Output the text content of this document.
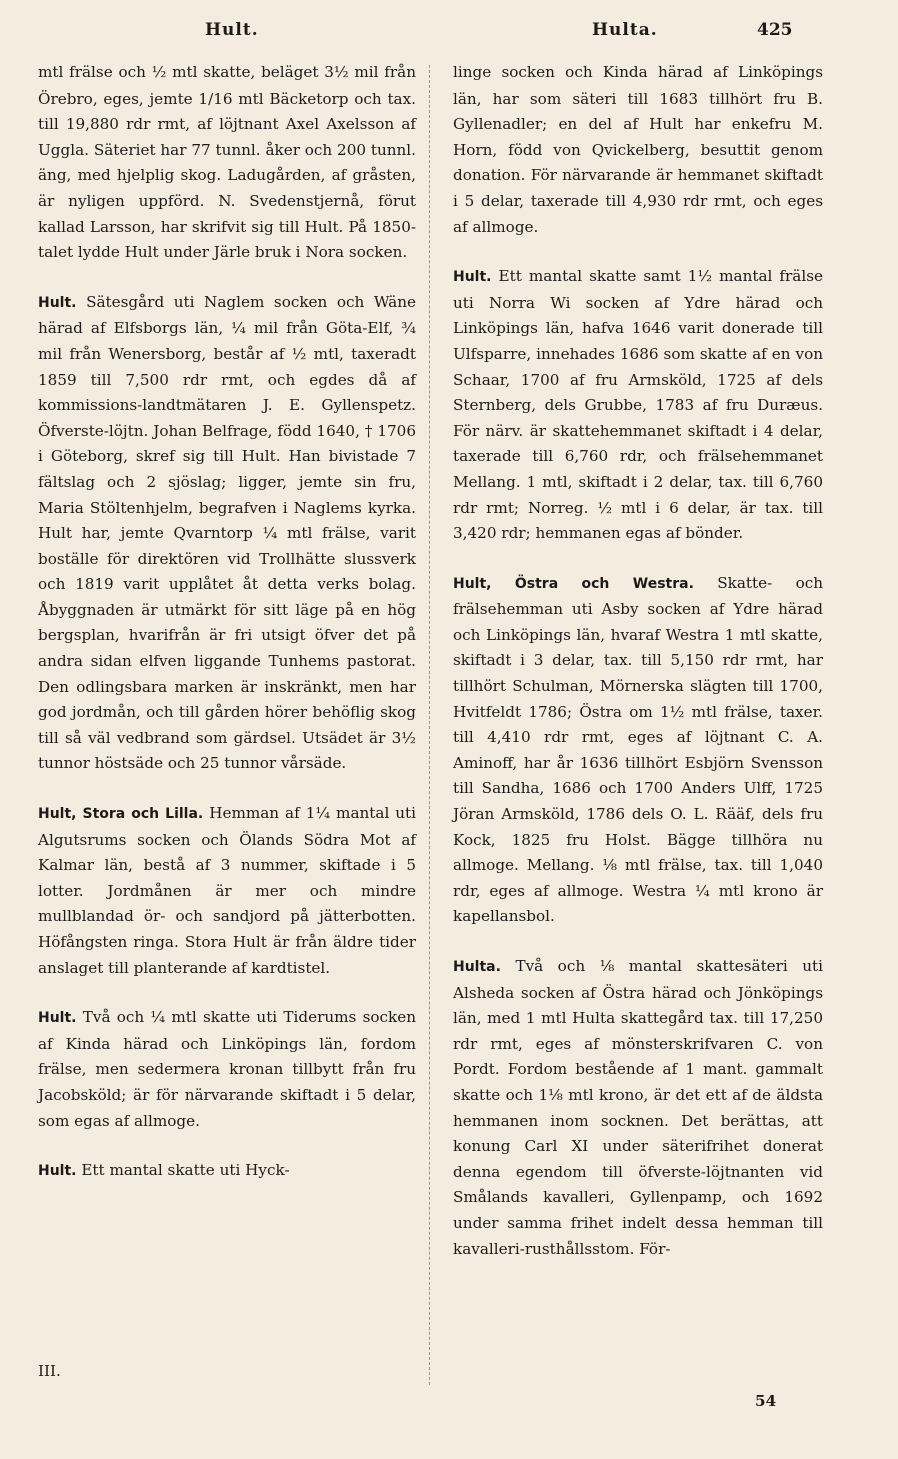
Hult.	Hulta.	425

mtl frälse och ½ mtl skatte, beläget 3½ mil från Örebro, eges, jemte 1/16 mtl Bäcketorp och tax. till 19,880 rdr rmt, af löjtnant Axel Axelsson af Uggla. Säteriet har 77 tunnl. åker och 200 tunnl. äng, med hjelplig skog. Ladugården, af gråsten, är nyligen uppförd. N. Svedenstjernå, förut kallad Larsson, har skrifvit sig till Hult. På 1850-talet lydde Hult under Järle bruk i Nora socken.

Hult. Sätesgård uti Naglem socken och Wäne härad af Elfsborgs län, ¼ mil från Göta-Elf, ¾ mil från Wenersborg, består af ½ mtl, taxeradt 1859 till 7,500 rdr rmt, och egdes då af kommissions-landtmätaren J. E. Gyllenspetz. Öfverste-löjtn. Johan Belfrage, född 1640, † 1706 i Göteborg, skref sig till Hult. Han bivistade 7 fältslag och 2 sjöslag; ligger, jemte sin fru, Maria Stöltenhjelm, begrafven i Naglems kyrka. Hult har, jemte Qvarntorp ¼ mtl frälse, varit boställe för direktören vid Trollhätte slussverk och 1819 varit upplåtet åt detta verks bolag. Åbyggnaden är utmärkt för sitt läge på en hög bergsplan, hvarifrån är fri utsigt öfver det på andra sidan elfven liggande Tunhems pastorat. Den odlingsbara marken är inskränkt, men har god jordmån, och till gården hörer behöflig skog till så väl vedbrand som gärdsel. Utsädet är 3½ tunnor höstsäde och 25 tunnor vårsäde.

Hult, Stora och Lilla. Hemman af 1¼ mantal uti Algutsrums socken och Ölands Södra Mot af Kalmar län, bestå af 3 nummer, skiftade i 5 lotter. Jordmånen är mer och mindre mullblandad ör- och sandjord på jätterbotten. Höfångsten ringa. Stora Hult är från äldre tider anslaget till planterande af kardtistel.

Hult. Två och ¼ mtl skatte uti Tiderums socken af Kinda härad och Linköpings län, fordom frälse, men sedermera kronan tillbytt från fru Jacobsköld; är för närvarande skiftadt i 5 delar, som egas af allmoge.

Hult. Ett mantal skatte uti Hyck-

linge socken och Kinda härad af Linköpings län, har som säteri till 1683 tillhört fru B. Gyllenadler; en del af Hult har enkefru M. Horn, född von Qvickelberg, besuttit genom donation. För närvarande är hemmanet skiftadt i 5 delar, taxerade till 4,930 rdr rmt, och eges af allmoge.

Hult. Ett mantal skatte samt 1½ mantal frälse uti Norra Wi socken af Ydre härad och Linköpings län, hafva 1646 varit donerade till Ulfsparre, innehades 1686 som skatte af en von Schaar, 1700 af fru Armsköld, 1725 af dels Sternberg, dels Grubbe, 1783 af fru Duræus. För närv. är skattehemmanet skiftadt i 4 delar, taxerade till 6,760 rdr, och frälsehemmanet Mellang. 1 mtl, skiftadt i 2 delar, tax. till 6,760 rdr rmt; Norreg. ½ mtl i 6 delar, är tax. till 3,420 rdr; hemmanen egas af bönder.

Hult, Östra och Westra. Skatte- och frälsehemman uti Asby socken af Ydre härad och Linköpings län, hvaraf Westra 1 mtl skatte, skiftadt i 3 delar, tax. till 5,150 rdr rmt, har tillhört Schulman, Mörnerska slägten till 1700, Hvitfeldt 1786; Östra om 1½ mtl frälse, taxer. till 4,410 rdr rmt, eges af löjtnant C. A. Aminoff, har år 1636 tillhört Esbjörn Svensson till Sandha, 1686 och 1700 Anders Ulff, 1725 Jöran Armsköld, 1786 dels O. L. Rääf, dels fru Kock, 1825 fru Holst. Bägge tillhöra nu allmoge. Mellang. ⅛ mtl frälse, tax. till 1,040 rdr, eges af allmoge. Westra ¼ mtl krono är kapellansbol.

Hulta. Två och ⅛ mantal skattesäteri uti Alsheda socken af Östra härad och Jönköpings län, med 1 mtl Hulta skattegård tax. till 17,250 rdr rmt, eges af mönsterskrifvaren C. von Pordt. Fordom bestående af 1 mant. gammalt skatte och 1⅛ mtl krono, är det ett af de äldsta hemmanen inom socknen. Det berättas, att konung Carl XI under säterifrihet donerat denna egendom till öfverste-löjtnanten vid Smålands kavalleri, Gyllenpamp, och 1692 under samma frihet indelt dessa hemman till kavalleri-rusthållsstom. För-

III.
54
